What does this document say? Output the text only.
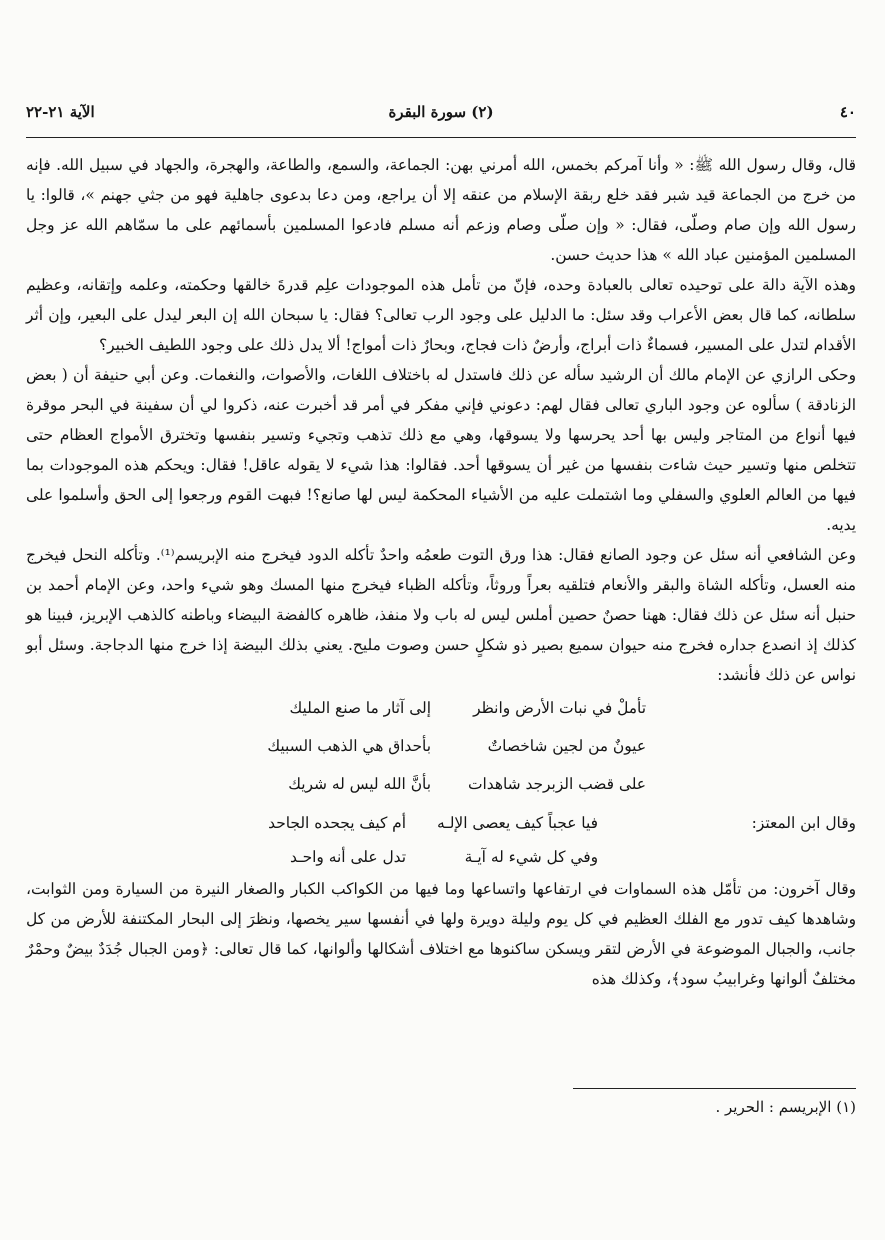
٤٠
(٢) سورة البقرة
الآية ٢١-٢٢

قال، وقال رسول الله ﷺ: « وأنا آمركم بخمس، الله أمرني بهن: الجماعة، والسمع، والطاعة، والهجرة، والجهاد في سبيل الله. فإنه من خرج من الجماعة قيد شبر فقد خلع ربقة الإسلام من عنقه إلا أن يراجع، ومن دعا بدعوى جاهلية فهو من جثي جهنم »، قالوا: يا رسول الله وإن صام وصلّى، فقال: « وإن صلّى وصام وزعم أنه مسلم فادعوا المسلمين بأسمائهم على ما سمّاهم الله عز وجل المسلمين المؤمنين عباد الله » هذا حديث حسن.

وهذه الآية دالة على توحيده تعالى بالعبادة وحده، فإنّ من تأمل هذه الموجودات علِم قدرةَ خالقها وحكمته، وعلمه وإتقانه، وعظيم سلطانه، كما قال بعض الأعراب وقد سئل: ما الدليل على وجود الرب تعالى؟ فقال: يا سبحان الله إن البعر ليدل على البعير، وإن أثر الأقدام لتدل على المسير، فسماءٌ ذات أبراج، وأرضٌ ذات فجاج، وبحارٌ ذات أمواج! ألا يدل ذلك على وجود اللطيف الخبير؟

وحكى الرازي عن الإمام مالك أن الرشيد سأله عن ذلك فاستدل له باختلاف اللغات، والأصوات، والنغمات. وعن أبي حنيفة أن ( بعض الزنادقة ) سألوه عن وجود الباري تعالى فقال لهم: دعوني فإني مفكر في أمر قد أخبرت عنه، ذكروا لي أن سفينة في البحر موقرة فيها أنواع من المتاجر وليس بها أحد يحرسها ولا يسوقها، وهي مع ذلك تذهب وتجيء وتسير بنفسها وتخترق الأمواج العظام حتى تتخلص منها وتسير حيث شاءت بنفسها من غير أن يسوقها أحد. فقالوا: هذا شيء لا يقوله عاقل! فقال: ويحكم هذه الموجودات بما فيها من العالم العلوي والسفلي وما اشتملت عليه من الأشياء المحكمة ليس لها صانع؟! فبهت القوم ورجعوا إلى الحق وأسلموا على يديه.

وعن الشافعي أنه سئل عن وجود الصانع فقال: هذا ورق التوت طعمُه واحدٌ تأكله الدود فيخرج منه الإبريسم⁽¹⁾. وتأكله النحل فيخرج منه العسل، وتأكله الشاة والبقر والأنعام فتلقيه بعراً وروثاً، وتأكله الظباء فيخرج منها المسك وهو شيء واحد، وعن الإمام أحمد بن حنبل أنه سئل عن ذلك فقال: ههنا حصنٌ حصين أملس ليس له باب ولا منفذ، ظاهره كالفضة البيضاء وباطنه كالذهب الإبريز، فبينا هو كذلك إذ انصدع جداره فخرج منه حيوان سميع بصير ذو شكلٍ حسن وصوت مليح. يعني بذلك البيضة إذا خرج منها الدجاجة. وسئل أبو نواس عن ذلك فأنشد:

تأملْ في نبات الأرض وانظر
إلى آثار ما صنع المليك
عيونٌ من لجين شاخصاتٌ
بأحداق هي الذهب السبيك
على قضب الزبرجد شاهدات
بأنَّ الله ليس له شريك
وقال ابن المعتز:
فيا عجباً كيف يعصى الإلـه
أم كيف يجحده الجاحد
وفي كل شيء له آيـة
تدل على أنه واحـد

وقال آخرون: من تأمّل هذه السماوات في ارتفاعها واتساعها وما فيها من الكواكب الكبار والصغار النيرة من السيارة ومن الثوابت، وشاهدها كيف تدور مع الفلك العظيم في كل يوم وليلة دويرة ولها في أنفسها سير يخصها، ونظرَ إلى البحار المكتنفة للأرض من كل جانب، والجبال الموضوعة في الأرض لتقر ويسكن ساكنوها مع اختلاف أشكالها وألوانها، كما قال تعالى: ﴿ومن الجبال جُدَدٌ بيضٌ وحمْرٌ مختلفٌ ألوانها وغرابيبُ سود﴾، وكذلك هذه

(١) الإبريسم : الحرير .
